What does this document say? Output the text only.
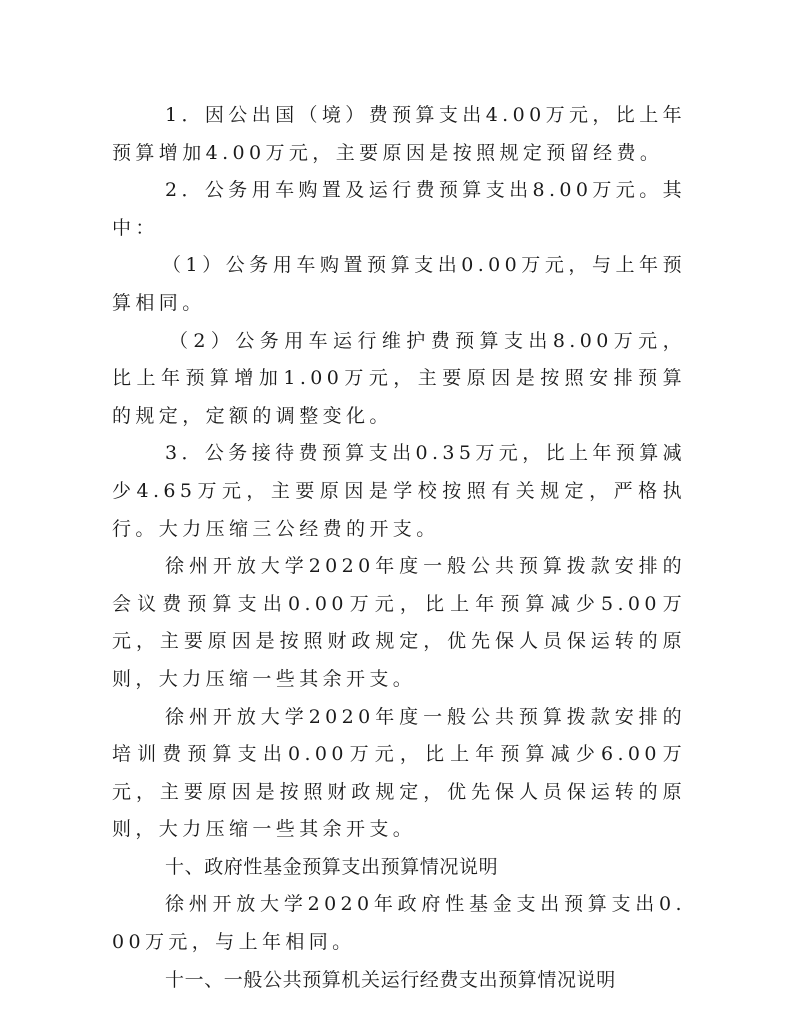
1．因公出国（境）费预算支出4.00万元，比上年预算增加4.00万元，主要原因是按照规定预留经费。

2．公务用车购置及运行费预算支出8.00万元。其中：

（1）公务用车购置预算支出0.00万元，与上年预算相同。

（2）公务用车运行维护费预算支出8.00万元，比上年预算增加1.00万元，主要原因是按照安排预算的规定，定额的调整变化。

3．公务接待费预算支出0.35万元，比上年预算减少4.65万元，主要原因是学校按照有关规定，严格执行。大力压缩三公经费的开支。

徐州开放大学2020年度一般公共预算拨款安排的会议费预算支出0.00万元，比上年预算减少5.00万元，主要原因是按照财政规定，优先保人员保运转的原则，大力压缩一些其余开支。

徐州开放大学2020年度一般公共预算拨款安排的培训费预算支出0.00万元，比上年预算减少6.00万元，主要原因是按照财政规定，优先保人员保运转的原则，大力压缩一些其余开支。

十、政府性基金预算支出预算情况说明

徐州开放大学2020年政府性基金支出预算支出0.00万元，与上年相同。

十一、一般公共预算机关运行经费支出预算情况说明
